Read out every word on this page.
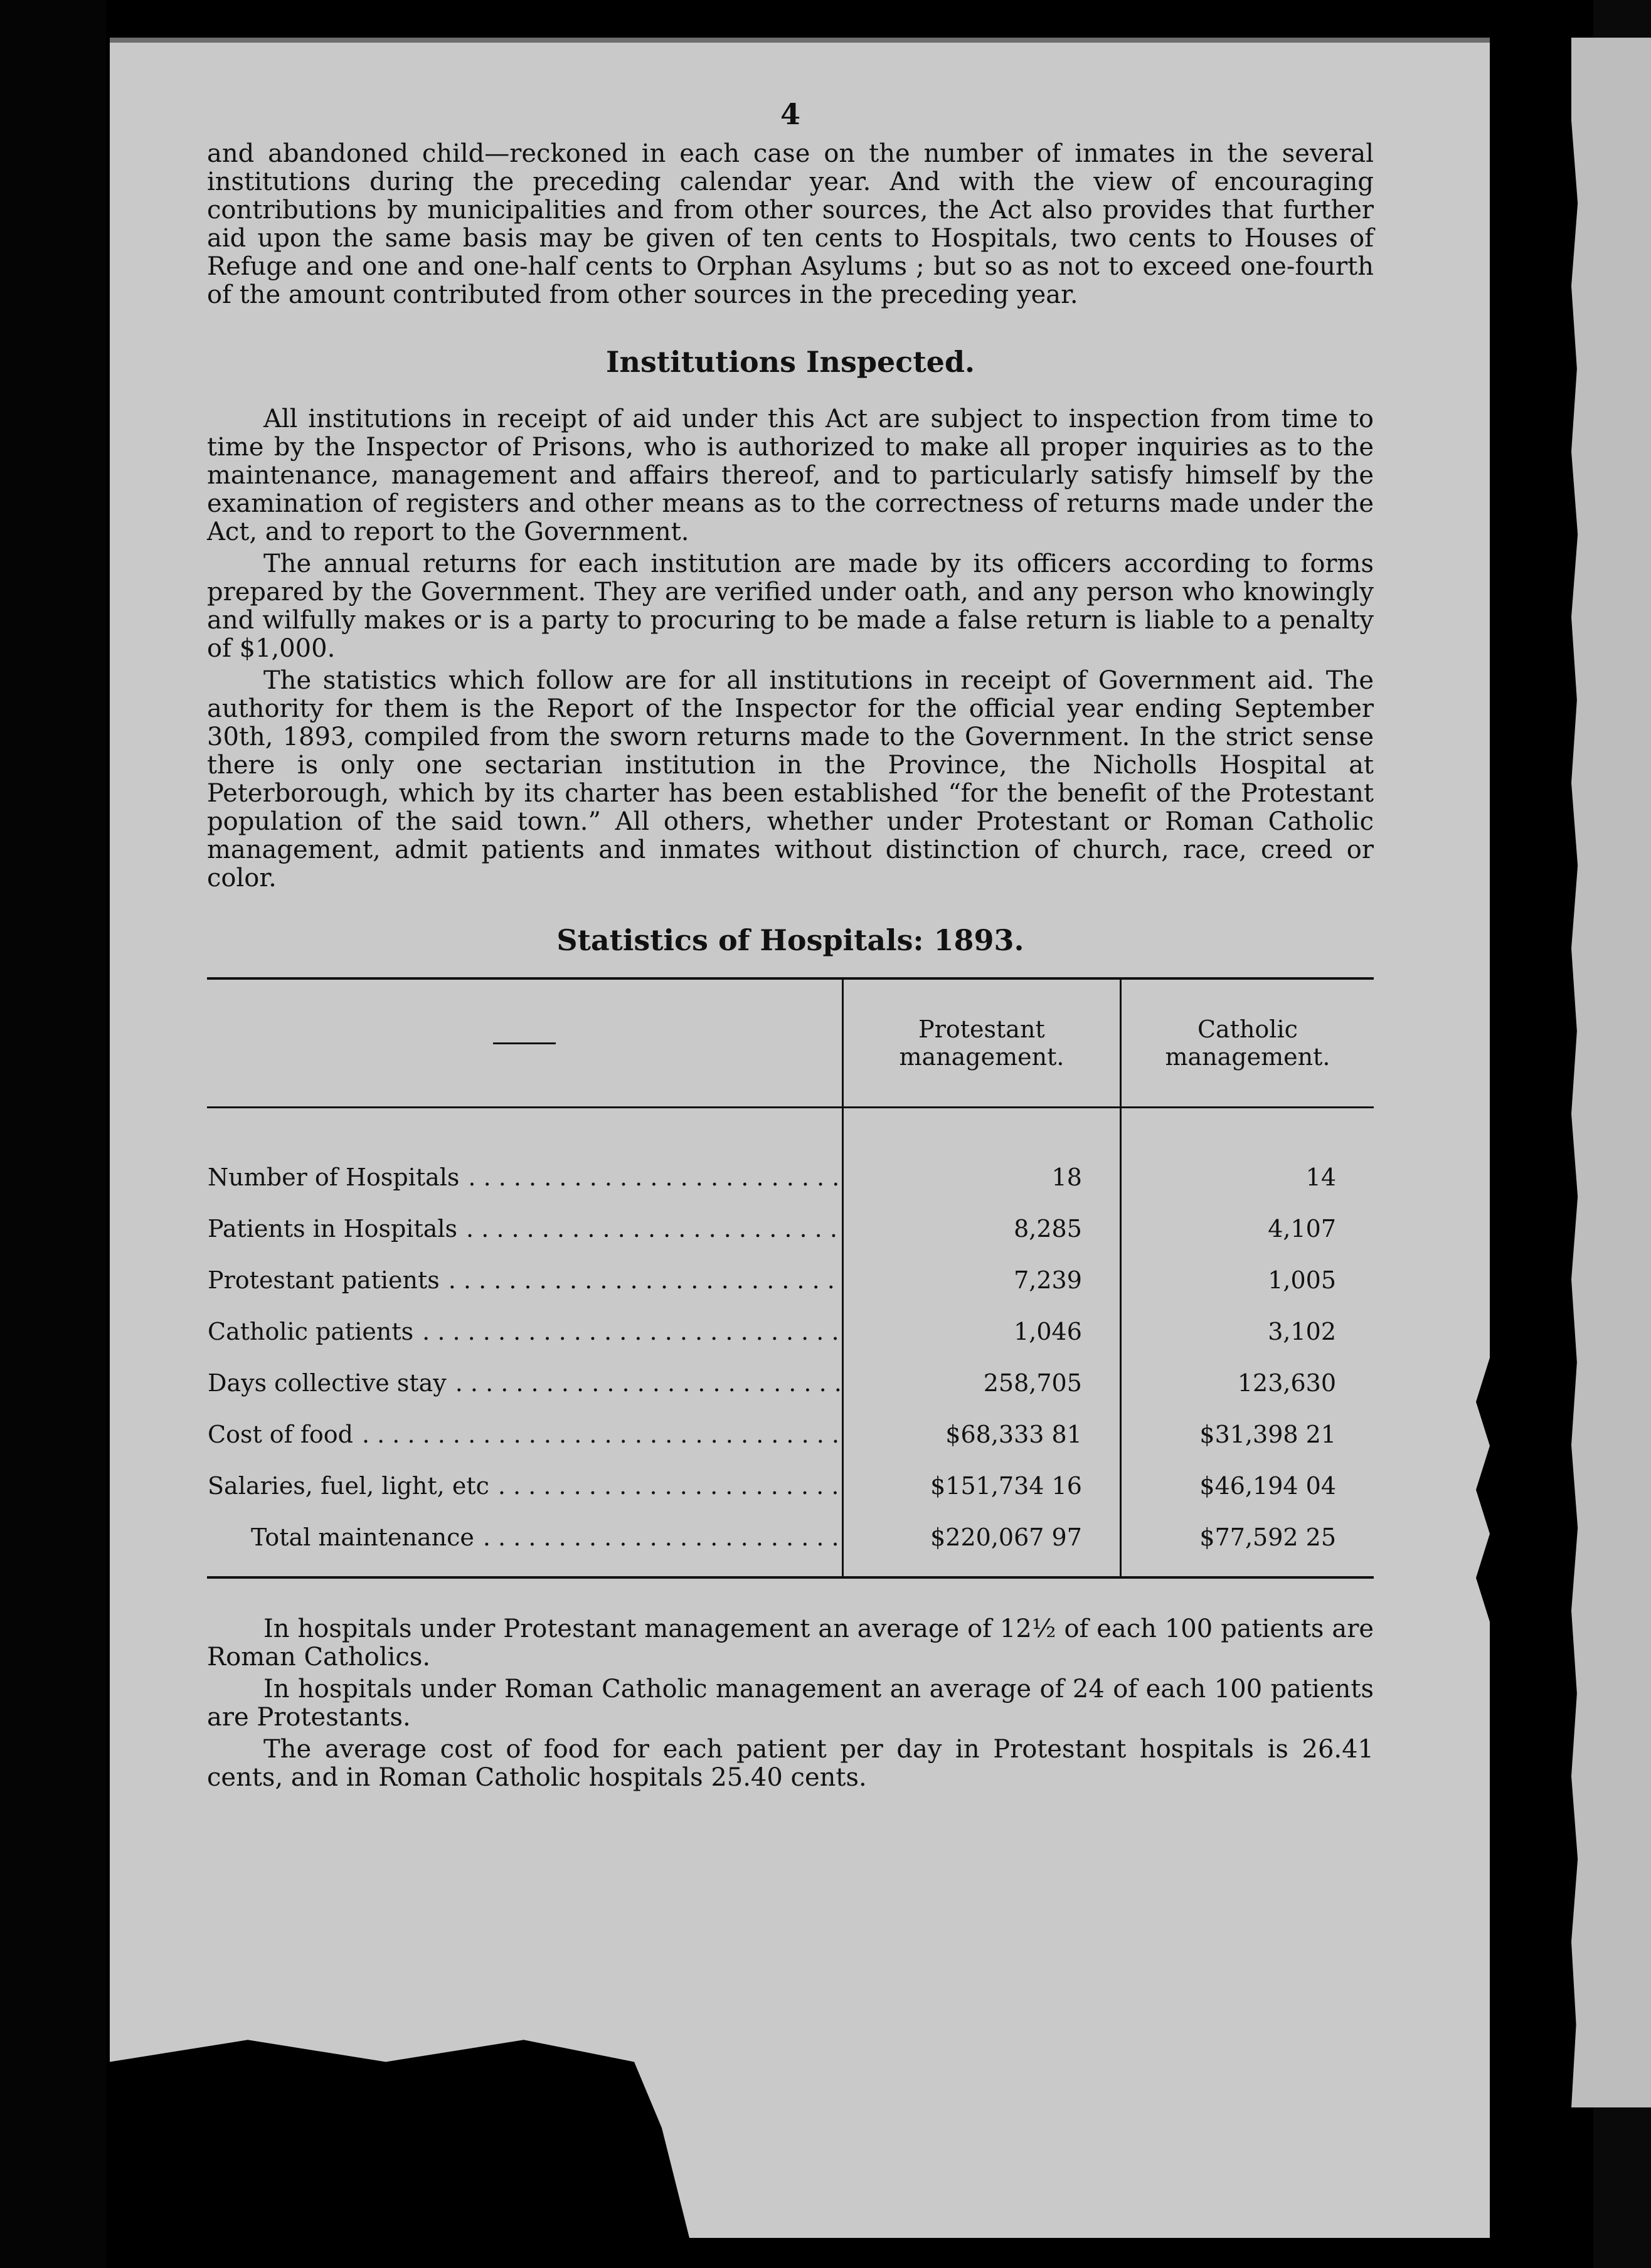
4

and abandoned child—reckoned in each case on the number of inmates in the several institutions during the preceding calendar year. And with the view of encouraging contributions by municipalities and from other sources, the Act also provides that further aid upon the same basis may be given of ten cents to Hospitals, two cents to Houses of Refuge and one and one-half cents to Orphan Asylums ; but so as not to exceed one-fourth of the amount contributed from other sources in the preceding year.

Institutions Inspected.

All institutions in receipt of aid under this Act are subject to inspection from time to time by the Inspector of Prisons, who is authorized to make all proper inquiries as to the maintenance, management and affairs thereof, and to particularly satisfy himself by the examination of registers and other means as to the correctness of returns made under the Act, and to report to the Government.

The annual returns for each institution are made by its officers according to forms prepared by the Government. They are verified under oath, and any person who knowingly and wilfully makes or is a party to procuring to be made a false return is liable to a penalty of $1,000.

The statistics which follow are for all institutions in receipt of Government aid. The authority for them is the Report of the Inspector for the official year ending September 30th, 1893, compiled from the sworn returns made to the Government. In the strict sense there is only one sectarian institution in the Province, the Nicholls Hospital at Peterborough, which by its charter has been established “for the benefit of the Protestant population of the said town.” All others, whether under Protestant or Roman Catholic management, admit patients and inmates without distinction of church, race, creed or color.

Statistics of Hospitals: 1893.
	Protestant management.	Catholic management.
Number of Hospitals . . .	18	14
Patients in Hospitals . . .	8,285	4,107
Protestant patients . . .	7,239	1,005
Catholic patients . . .	1,046	3,102
Days collective stay . . .	258,705	123,630
Cost of food . . .	$68,333 81	$31,398 21
Salaries, fuel, light, etc . . .	$151,734 16	$46,194 04
Total maintenance . . .	$220,067 97	$77,592 25

In hospitals under Protestant management an average of 12½ of each 100 patients are Roman Catholics.

In hospitals under Roman Catholic management an average of 24 of each 100 patients are Protestants.

The average cost of food for each patient per day in Protestant hospitals is 26.41 cents, and in Roman Catholic hospitals 25.40 cents.
